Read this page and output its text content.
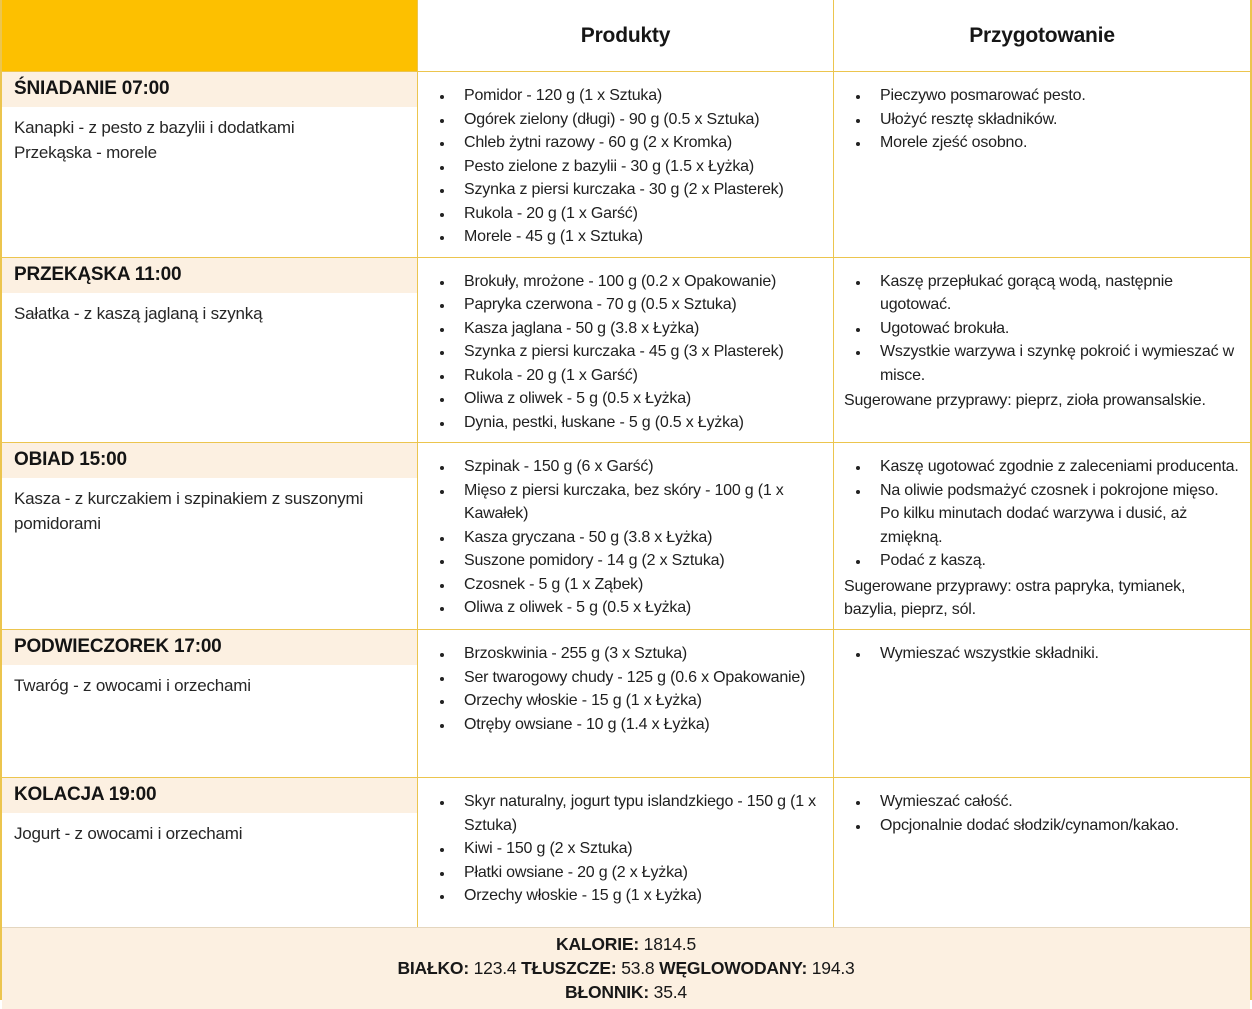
Produkty	Przygotowanie
ŚNIADANIE 07:00
Kanapki - z pesto z bazylii i dodatkami
Przekąska - morele
• Pomidor - 120 g (1 x Sztuka)
• Ogórek zielony (długi) - 90 g (0.5 x Sztuka)
• Chleb żytni razowy - 60 g (2 x Kromka)
• Pesto zielone z bazylii - 30 g (1.5 x Łyżka)
• Szynka z piersi kurczaka - 30 g (2 x Plasterek)
• Rukola - 20 g (1 x Garść)
• Morele - 45 g (1 x Sztuka)
• Pieczywo posmarować pesto.
• Ułożyć resztę składników.
• Morele zjeść osobno.
PRZEKĄSKA 11:00
Sałatka - z kaszą jaglaną i szynką
• Brokuły, mrożone - 100 g (0.2 x Opakowanie)
• Papryka czerwona - 70 g (0.5 x Sztuka)
• Kasza jaglana - 50 g (3.8 x Łyżka)
• Szynka z piersi kurczaka - 45 g (3 x Plasterek)
• Rukola - 20 g (1 x Garść)
• Oliwa z oliwek - 5 g (0.5 x Łyżka)
• Dynia, pestki, łuskane - 5 g (0.5 x Łyżka)
• Kaszę przepłukać gorącą wodą, następnie ugotować.
• Ugotować brokuła.
• Wszystkie warzywa i szynkę pokroić i wymieszać w misce.
Sugerowane przyprawy: pieprz, zioła prowansalskie.
OBIAD 15:00
Kasza - z kurczakiem i szpinakiem z suszonymi pomidorami
• Szpinak - 150 g (6 x Garść)
• Mięso z piersi kurczaka, bez skóry - 100 g (1 x Kawałek)
• Kasza gryczana - 50 g (3.8 x Łyżka)
• Suszone pomidory - 14 g (2 x Sztuka)
• Czosnek - 5 g (1 x Ząbek)
• Oliwa z oliwek - 5 g (0.5 x Łyżka)
• Kaszę ugotować zgodnie z zaleceniami producenta.
• Na oliwie podsmażyć czosnek i pokrojone mięso. Po kilku minutach dodać warzywa i dusić, aż zmiękną.
• Podać z kaszą.
Sugerowane przyprawy: ostra papryka, tymianek, bazylia, pieprz, sól.
PODWIECZOREK 17:00
Twaróg - z owocami i orzechami
• Brzoskwinia - 255 g (3 x Sztuka)
• Ser twarogowy chudy - 125 g (0.6 x Opakowanie)
• Orzechy włoskie - 15 g (1 x Łyżka)
• Otręby owsiane - 10 g (1.4 x Łyżka)
• Wymieszać wszystkie składniki.
KOLACJA 19:00
Jogurt - z owocami i orzechami
• Skyr naturalny, jogurt typu islandzkiego - 150 g (1 x Sztuka)
• Kiwi - 150 g (2 x Sztuka)
• Płatki owsiane - 20 g (2 x Łyżka)
• Orzechy włoskie - 15 g (1 x Łyżka)
• Wymieszać całość.
• Opcjonalnie dodać słodzik/cynamon/kakao.
KALORIE: 1814.5
BIAŁKO: 123.4 TŁUSZCZE: 53.8 WĘGLOWODANY: 194.3
BŁONNIK: 35.4
